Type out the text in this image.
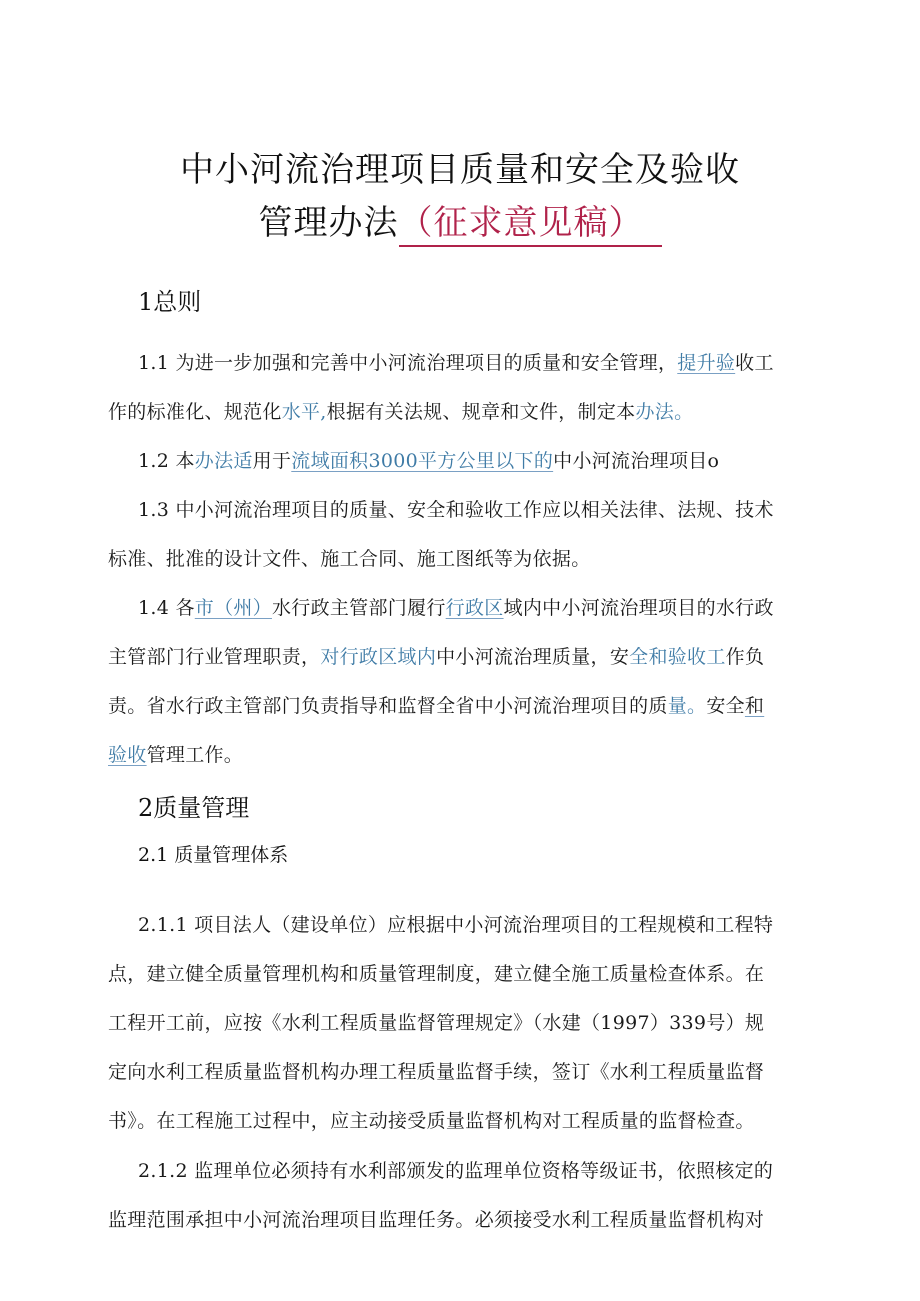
中小河流治理项目质量和安全及验收
管理办法（征求意见稿）
1总则
1.1 为进一步加强和完善中小河流治理项目的质量和安全管理，提升验收工
作的标准化、规范化水平,根据有关法规、规章和文件，制定本办法。
1.2 本办法适用于流域面积3000平方公里以下的中小河流治理项目o
1.3 中小河流治理项目的质量、安全和验收工作应以相关法律、法规、技术
标准、批准的设计文件、施工合同、施工图纸等为依据。
1.4 各市（州）水行政主管部门履行行政区域内中小河流治理项目的水行政
主管部门行业管理职责，对行政区域内中小河流治理质量，安全和验收工作负
责。省水行政主管部门负责指导和监督全省中小河流治理项目的质量。安全和
验收管理工作。
2质量管理
2.1 质量管理体系
2.1.1 项目法人（建设单位）应根据中小河流治理项目的工程规模和工程特
点，建立健全质量管理机构和质量管理制度，建立健全施工质量检查体系。在
工程开工前，应按《水利工程质量监督管理规定》（水建（1997）339号）规
定向水利工程质量监督机构办理工程质量监督手续，签订《水利工程质量监督
书》。在工程施工过程中，应主动接受质量监督机构对工程质量的监督检查。
2.1.2 监理单位必须持有水利部颁发的监理单位资格等级证书，依照核定的
监理范围承担中小河流治理项目监理任务。必须接受水利工程质量监督机构对
